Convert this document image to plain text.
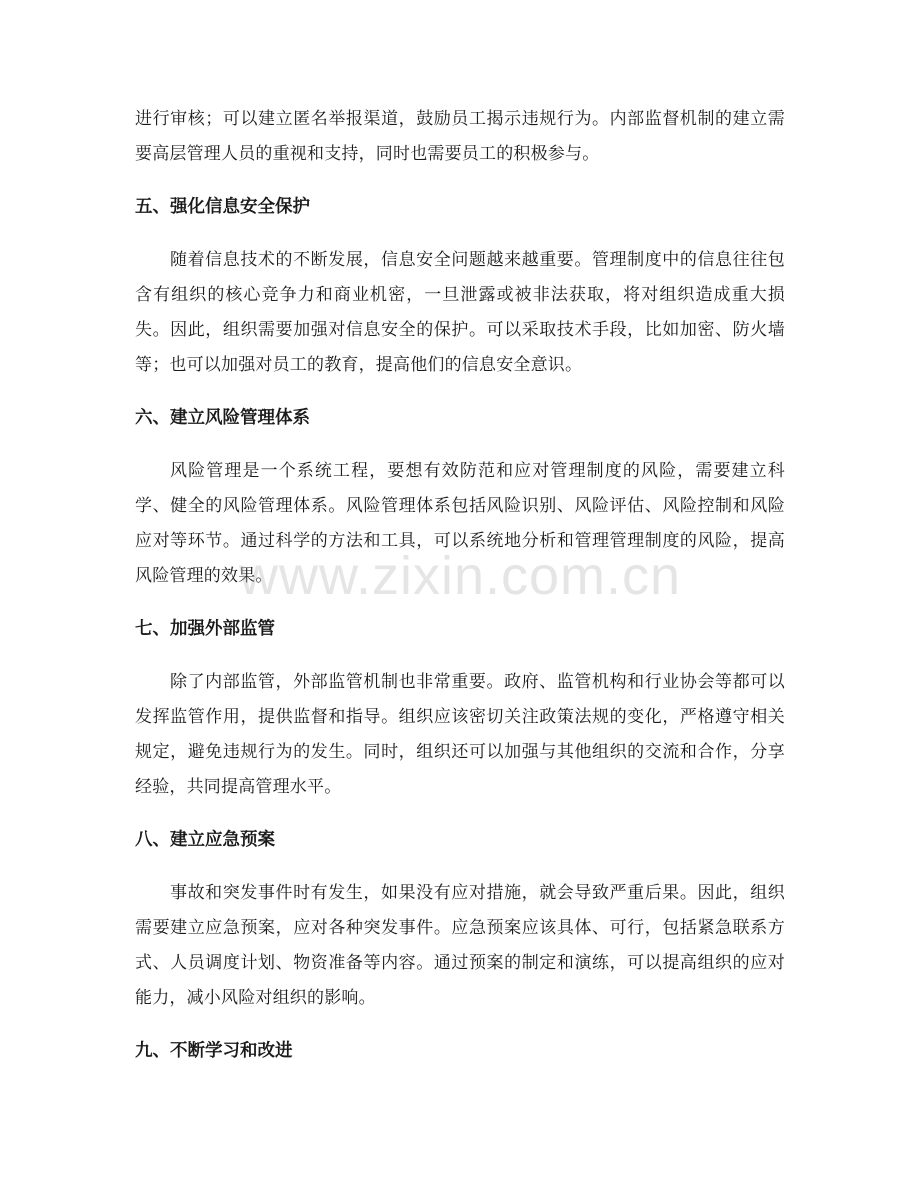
进行审核；可以建立匿名举报渠道，鼓励员工揭示违规行为。内部监督机制的建立需要高层管理人员的重视和支持，同时也需要员工的积极参与。

五、强化信息安全保护

随着信息技术的不断发展，信息安全问题越来越重要。管理制度中的信息往往包含有组织的核心竞争力和商业机密，一旦泄露或被非法获取，将对组织造成重大损失。因此，组织需要加强对信息安全的保护。可以采取技术手段，比如加密、防火墙等；也可以加强对员工的教育，提高他们的信息安全意识。

六、建立风险管理体系

风险管理是一个系统工程，要想有效防范和应对管理制度的风险，需要建立科学、健全的风险管理体系。风险管理体系包括风险识别、风险评估、风险控制和风险应对等环节。通过科学的方法和工具，可以系统地分析和管理管理制度的风险，提高风险管理的效果。

七、加强外部监管

除了内部监管，外部监管机制也非常重要。政府、监管机构和行业协会等都可以发挥监管作用，提供监督和指导。组织应该密切关注政策法规的变化，严格遵守相关规定，避免违规行为的发生。同时，组织还可以加强与其他组织的交流和合作，分享经验，共同提高管理水平。

八、建立应急预案

事故和突发事件时有发生，如果没有应对措施，就会导致严重后果。因此，组织需要建立应急预案，应对各种突发事件。应急预案应该具体、可行，包括紧急联系方式、人员调度计划、物资准备等内容。通过预案的制定和演练，可以提高组织的应对能力，减小风险对组织的影响。

九、不断学习和改进
www.zixin.com.cn
